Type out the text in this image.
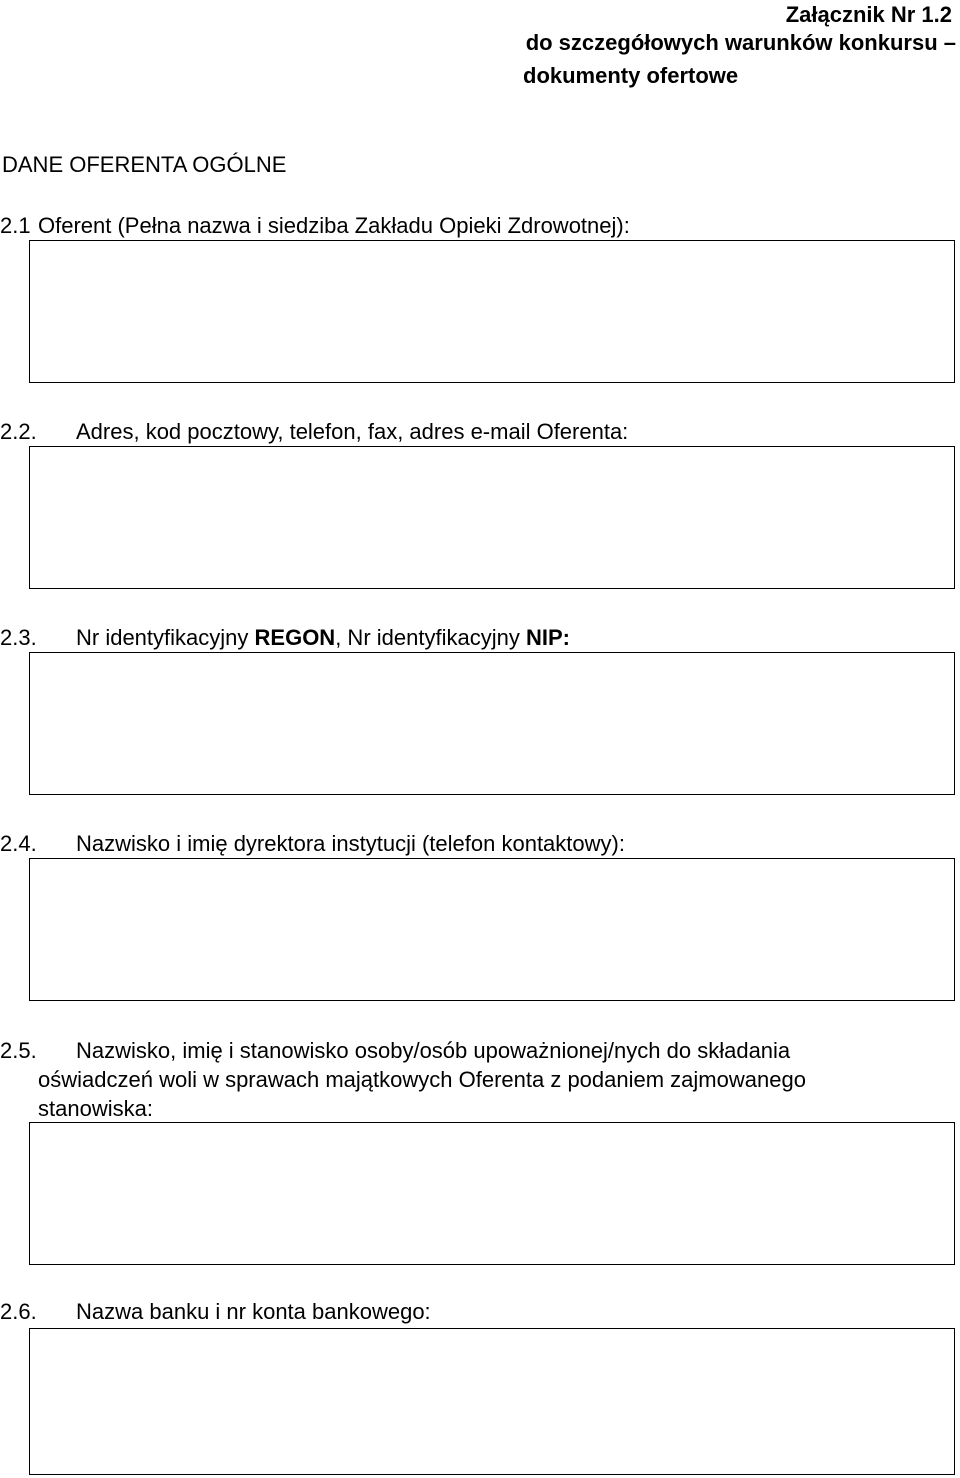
Załącznik Nr 1.2
do szczegółowych warunków konkursu –
dokumenty ofertowe
DANE OFERENTA OGÓLNE
2.1 Oferent (Pełna nazwa i siedziba Zakładu Opieki Zdrowotnej):
2.2. Adres, kod pocztowy, telefon, fax, adres e-mail Oferenta:
2.3. Nr identyfikacyjny REGON, Nr identyfikacyjny NIP:
2.4. Nazwisko i imię dyrektora instytucji (telefon kontaktowy):
2.5. Nazwisko, imię i stanowisko osoby/osób upoważnionej/nych do składania
oświadczeń woli w sprawach majątkowych Oferenta z podaniem zajmowanego
stanowiska:
2.6. Nazwa banku i nr konta bankowego:
